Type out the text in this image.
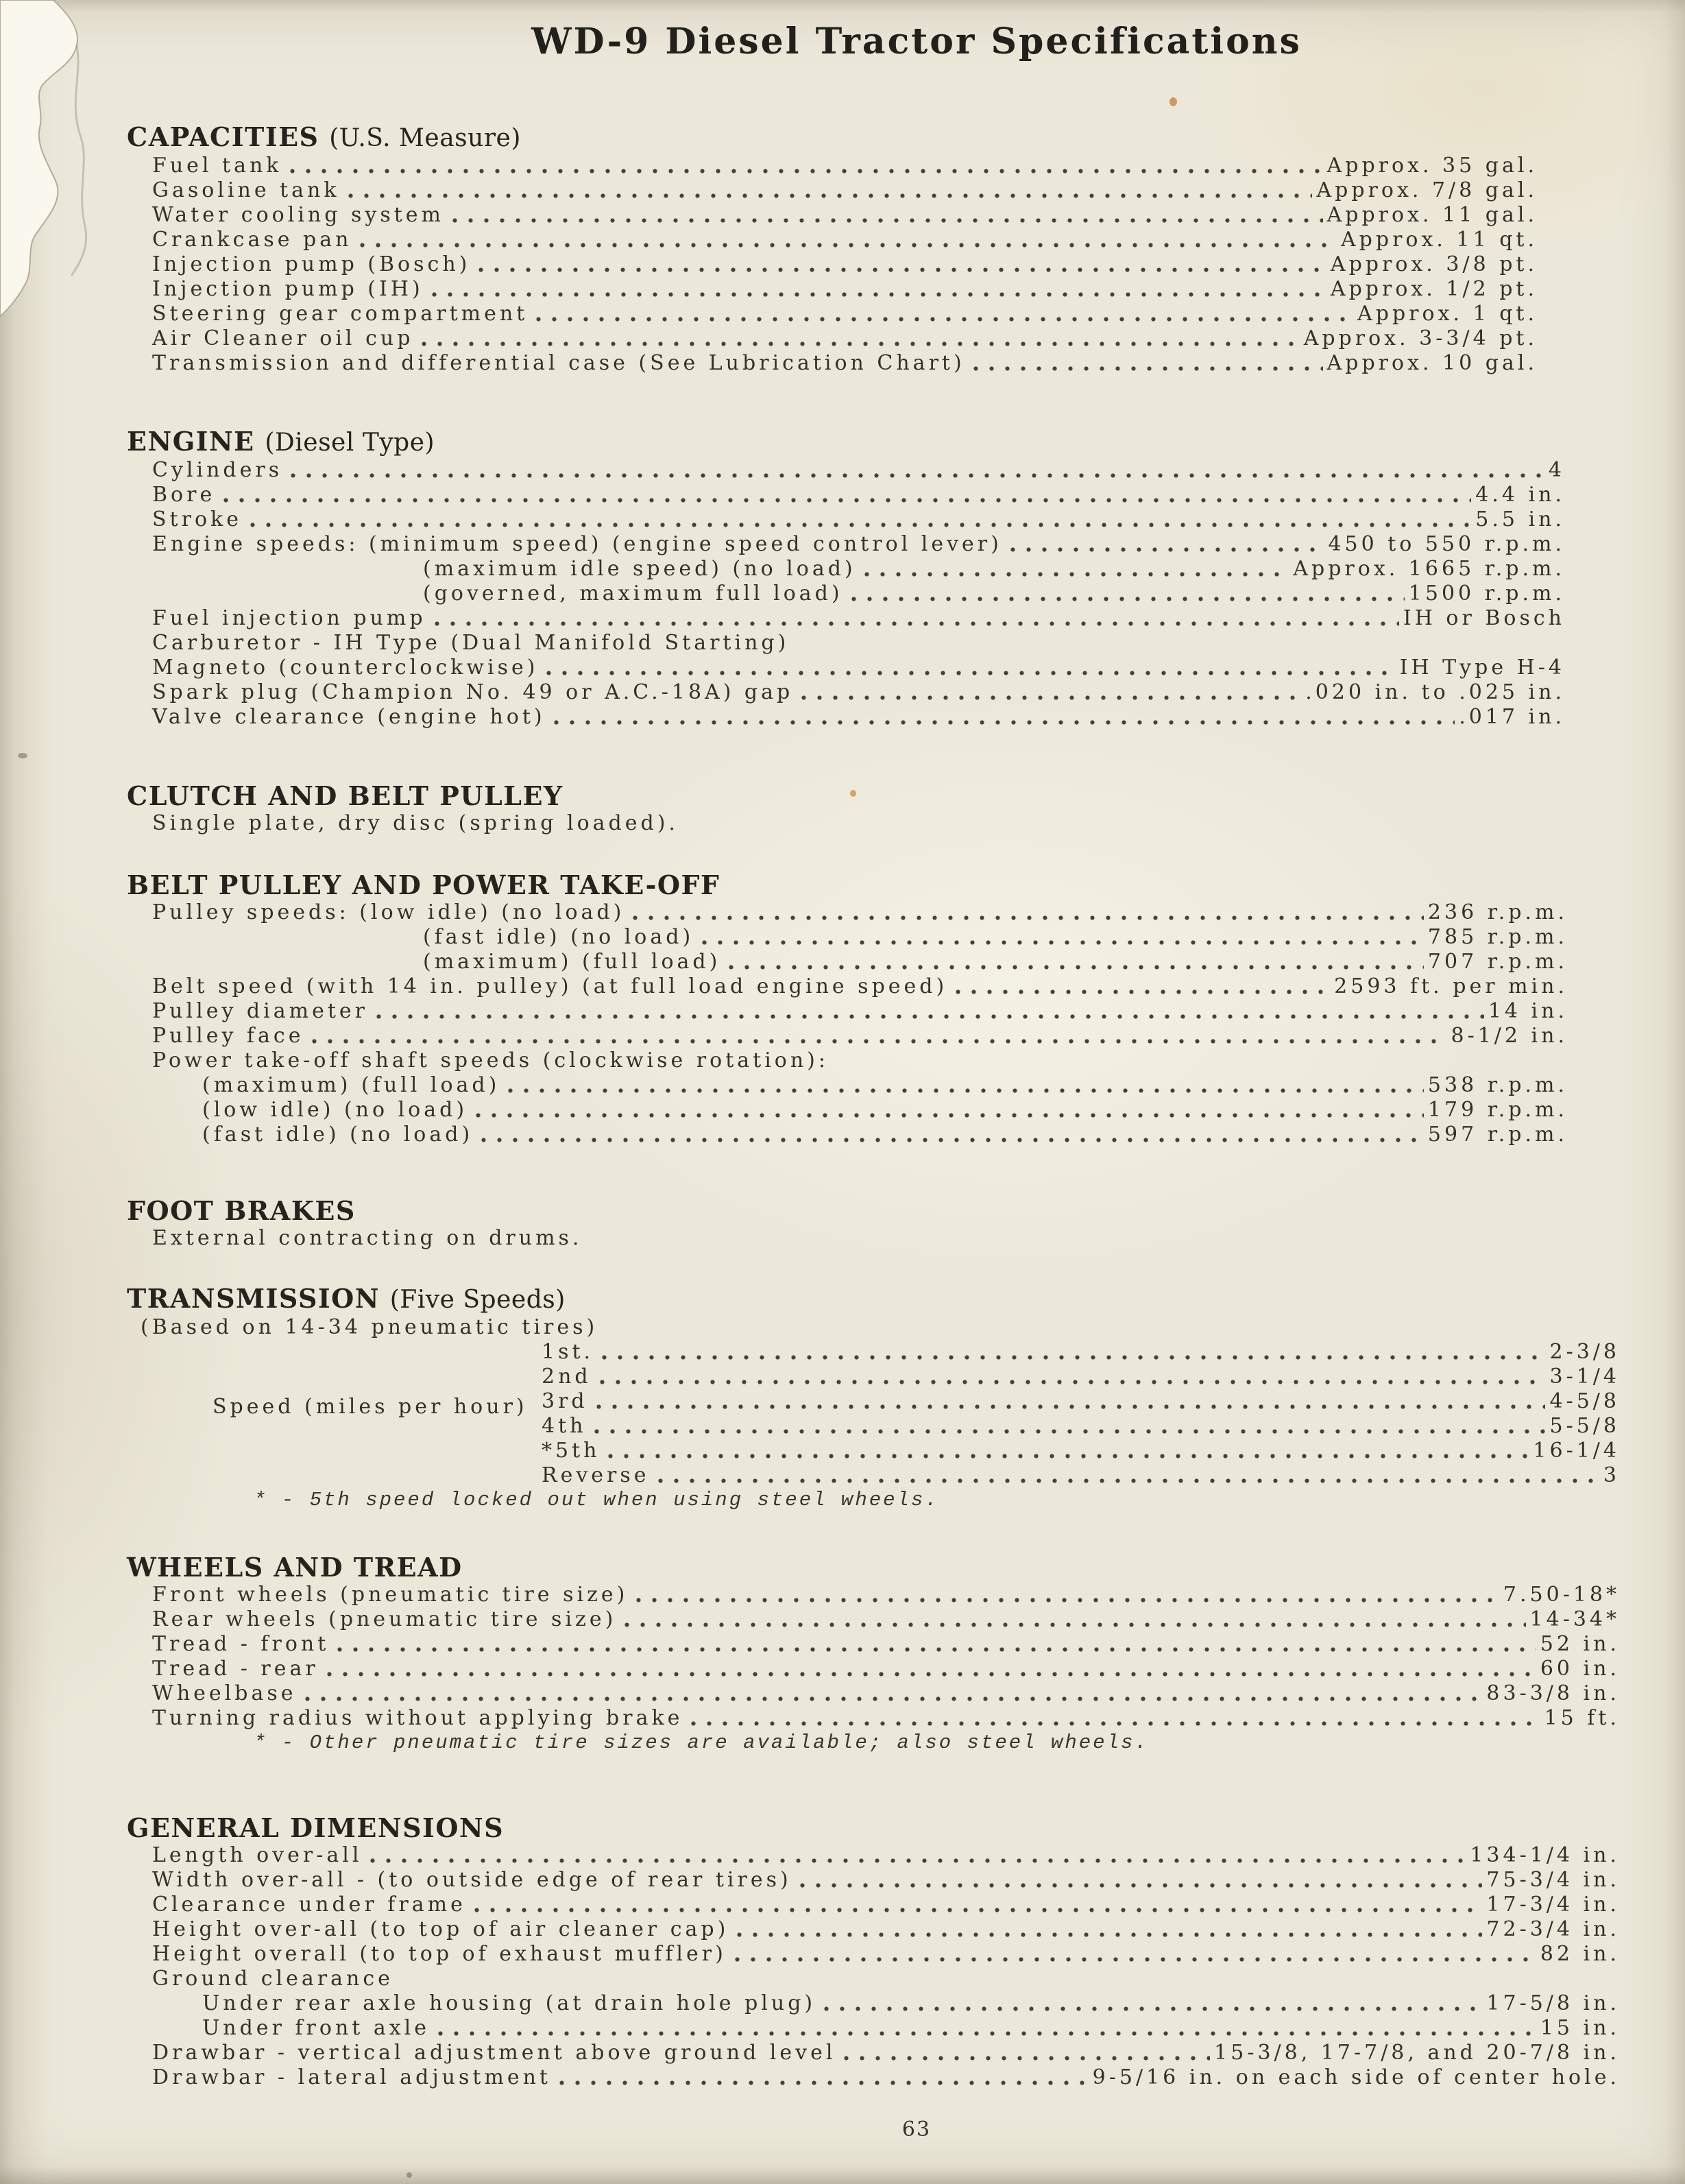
WD-9 Diesel Tractor Specifications
CAPACITIES (U.S. Measure)
Fuel tank	Approx. 35 gal.
Gasoline tank	Approx. 7/8 gal.
Water cooling system	Approx. 11 gal.
Crankcase pan	Approx. 11 qt.
Injection pump (Bosch)	Approx. 3/8 pt.
Injection pump (IH)	Approx. 1/2 pt.
Steering gear compartment	Approx. 1 qt.
Air Cleaner oil cup	Approx. 3-3/4 pt.
Transmission and differential case (See Lubrication Chart)	Approx. 10 gal.
ENGINE (Diesel Type)
Cylinders	4
Bore	4.4 in.
Stroke	5.5 in.
Engine speeds: (minimum speed) (engine speed control lever)	450 to 550 r.p.m.
(maximum idle speed) (no load)	Approx. 1665 r.p.m.
(governed, maximum full load)	1500 r.p.m.
Fuel injection pump	IH or Bosch
Carburetor - IH Type (Dual Manifold Starting)
Magneto (counterclockwise)	IH Type H-4
Spark plug (Champion No. 49 or A.C.-18A) gap	.020 in. to .025 in.
Valve clearance (engine hot)	.017 in.
CLUTCH AND BELT PULLEY
Single plate, dry disc (spring loaded).
BELT PULLEY AND POWER TAKE-OFF
Pulley speeds: (low idle) (no load)	236 r.p.m.
(fast idle) (no load)	785 r.p.m.
(maximum) (full load)	707 r.p.m.
Belt speed (with 14 in. pulley) (at full load engine speed)	2593 ft. per min.
Pulley diameter	14 in.
Pulley face	8-1/2 in.
Power take-off shaft speeds (clockwise rotation):
(maximum) (full load)	538 r.p.m.
(low idle) (no load)	179 r.p.m.
(fast idle) (no load)	597 r.p.m.
FOOT BRAKES
External contracting on drums.
TRANSMISSION (Five Speeds)
(Based on 14-34 pneumatic tires)
1st.	2-3/8
2nd	3-1/4
3rd	4-5/8
4th	5-5/8
*5th	16-1/4
Reverse	3
* - 5th speed locked out when using steel wheels.
Speed (miles per hour)
WHEELS AND TREAD
Front wheels (pneumatic tire size)	7.50-18*
Rear wheels (pneumatic tire size)	14-34*
Tread - front	52 in.
Tread - rear	60 in.
Wheelbase	83-3/8 in.
Turning radius without applying brake	15 ft.
* - Other pneumatic tire sizes are available; also steel wheels.
GENERAL DIMENSIONS
Length over-all	134-1/4 in.
Width over-all - (to outside edge of rear tires)	75-3/4 in.
Clearance under frame	17-3/4 in.
Height over-all (to top of air cleaner cap)	72-3/4 in.
Height overall (to top of exhaust muffler)	82 in.
Ground clearance
Under rear axle housing (at drain hole plug)	17-5/8 in.
Under front axle	15 in.
Drawbar - vertical adjustment above ground level	15-3/8, 17-7/8, and 20-7/8 in.
Drawbar - lateral adjustment	9-5/16 in. on each side of center hole.
63
